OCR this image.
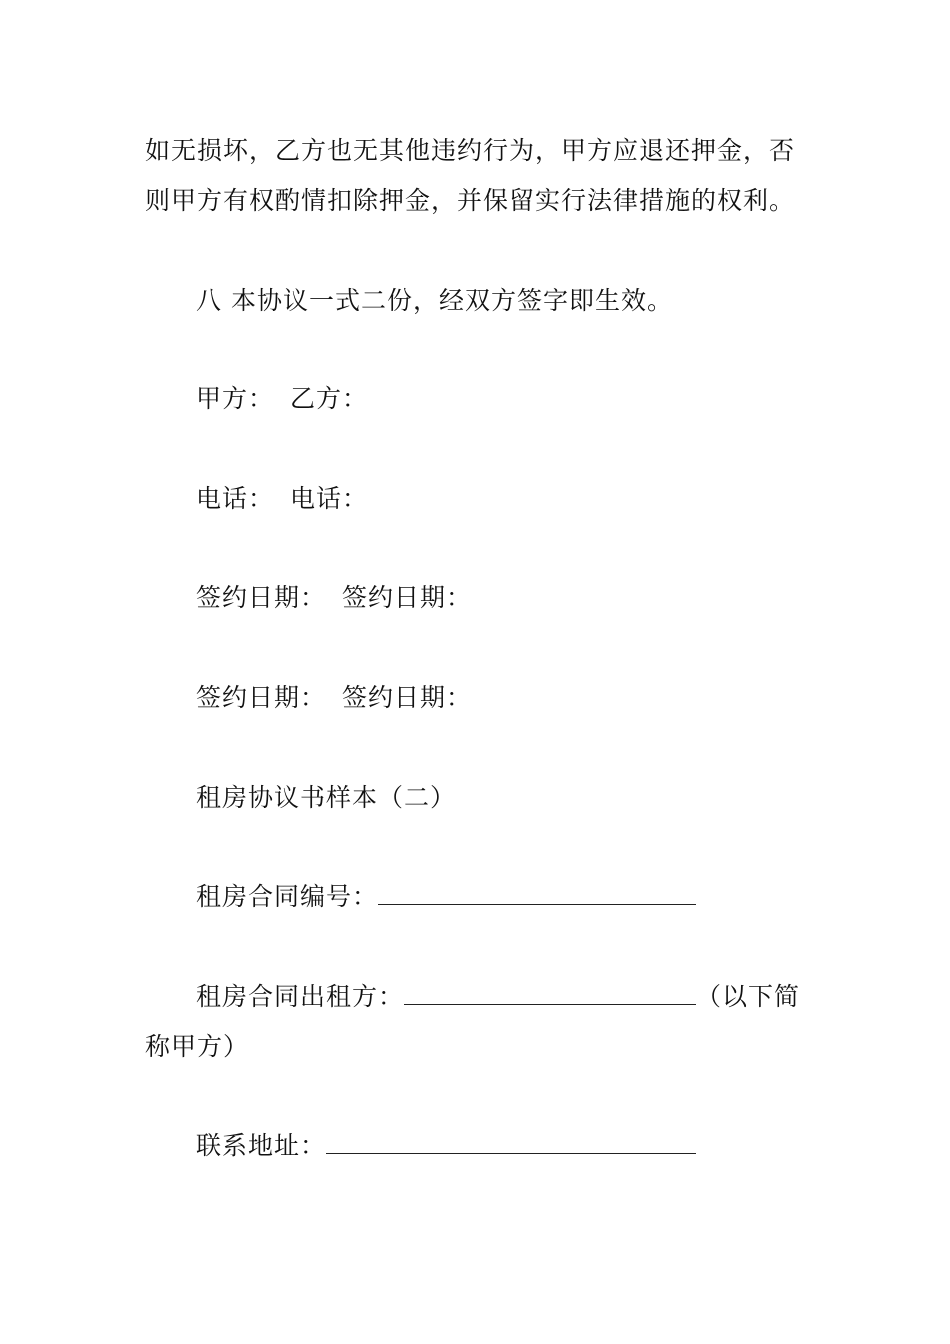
如无损坏，乙方也无其他违约行为，甲方应退还押金，否
则甲方有权酌情扣除押金，并保留实行法律措施的权利。
八 本协议一式二份，经双方签字即生效。
甲方： 乙方：
电话： 电话：
签约日期： 签约日期：
签约日期： 签约日期：
租房协议书样本（二）
租房合同编号：
租房合同出租方：	（以下简
称甲方）
联系地址：
